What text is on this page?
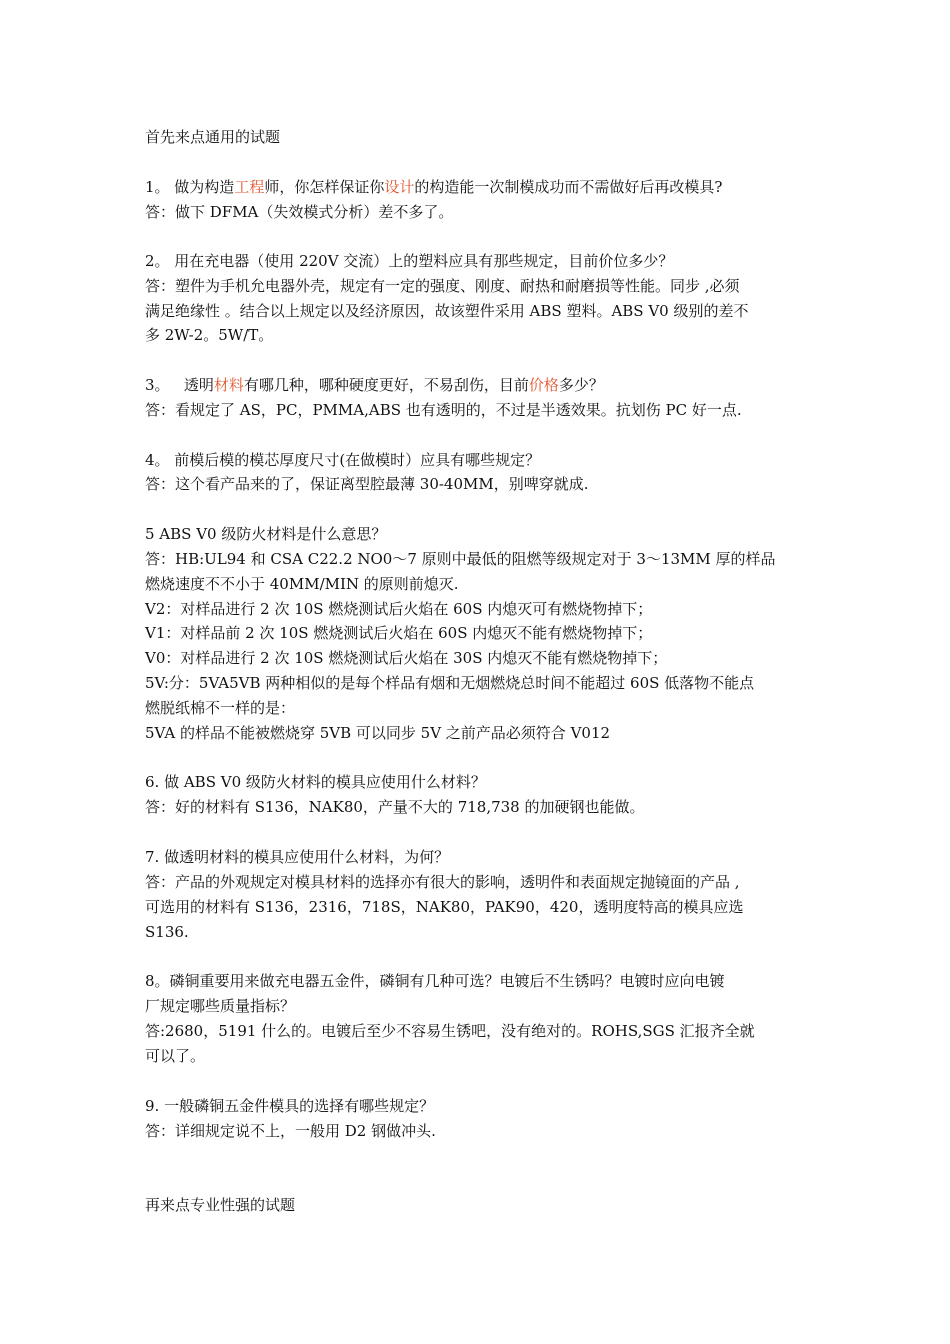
首先来点通用的试题
1。 做为构造工程师，你怎样保证你设计的构造能一次制模成功而不需做好后再改模具?
答：做下 DFMA（失效模式分析）差不多了。
2。 用在充电器（使用 220V 交流）上的塑料应具有那些规定，目前价位多少？
答：塑件为手机允电器外壳，规定有一定的强度、刚度、耐热和耐磨损等性能。同步 ,必须
满足绝缘性 。结合以上规定以及经济原因，故该塑件采用 ABS 塑料。ABS V0 级别的差不
多 2W-2。5W/T。
3。   透明材料有哪几种，哪种硬度更好，不易刮伤，目前价格多少？
答：看规定了 AS，PC，PMMA,ABS 也有透明的，不过是半透效果。抗划伤 PC 好一点.
4。 前模后模的模芯厚度尺寸(在做模时）应具有哪些规定？
答：这个看产品来的了，保证离型腔最薄 30-40MM，别啤穿就成.
5 ABS V0 级防火材料是什么意思？
答：HB:UL94 和 CSA C22.2 NO0～7 原则中最低的阻燃等级规定对于 3～13MM 厚的样品
燃烧速度不不小于 40MM/MIN 的原则前熄灭.
V2：对样品进行 2 次 10S 燃烧测试后火焰在 60S 内熄灭可有燃烧物掉下；
V1：对样品前 2 次 10S 燃烧测试后火焰在 60S 内熄灭不能有燃烧物掉下；
V0：对样品进行 2 次 10S 燃烧测试后火焰在 30S 内熄灭不能有燃烧物掉下；
5V:分：5VA5VB 两种相似的是每个样品有烟和无烟燃烧总时间不能超过 60S 低落物不能点
燃脱纸棉不一样的是：
5VA 的样品不能被燃烧穿 5VB 可以同步 5V 之前产品必须符合 V012
6. 做 ABS V0 级防火材料的模具应使用什么材料？
答：好的材料有 S136，NAK80，产量不大的 718,738 的加硬钢也能做。
7. 做透明材料的模具应使用什么材料，为何？
答：产品的外观规定对模具材料的选择亦有很大的影响，透明件和表面规定抛镜面的产品 ,
可选用的材料有 S136，2316，718S，NAK80，PAK90，420，透明度特高的模具应选
S136.
8。磷铜重要用来做充电器五金件，磷铜有几种可选？电镀后不生锈吗？电镀时应向电镀
厂规定哪些质量指标？
答:2680，5191 什么的。电镀后至少不容易生锈吧，没有绝对的。ROHS,SGS 汇报齐全就
可以了。
9. 一般磷铜五金件模具的选择有哪些规定？
答：详细规定说不上，一般用 D2 钢做冲头.
再来点专业性强的试题
